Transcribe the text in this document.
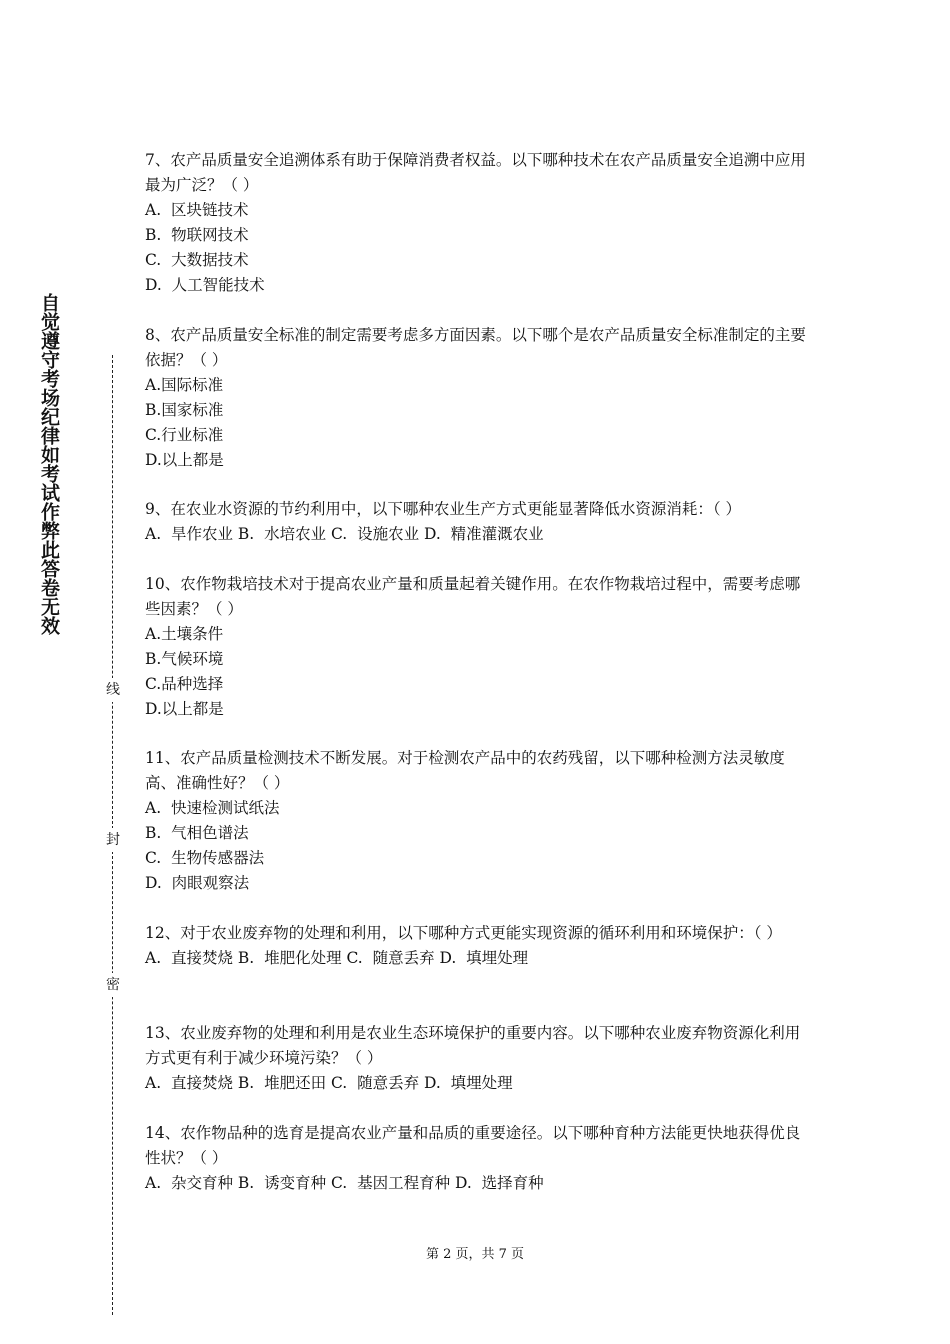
自觉遵守考场纪律如考试作弊此答卷无效
线
封
密
7、农产品质量安全追溯体系有助于保障消费者权益。以下哪种技术在农产品质量安全追溯中应用最为广泛？（ ）
A.  区块链技术
B.  物联网技术
C.  大数据技术
D.  人工智能技术
8、农产品质量安全标准的制定需要考虑多方面因素。以下哪个是农产品质量安全标准制定的主要依据？（ ）
A.国际标准
B.国家标准
C.行业标准
D.以上都是
9、在农业水资源的节约利用中，以下哪种农业生产方式更能显著降低水资源消耗：（ ）
A.  旱作农业 B.  水培农业 C.  设施农业 D.  精准灌溉农业
10、农作物栽培技术对于提高农业产量和质量起着关键作用。在农作物栽培过程中，需要考虑哪些因素？（ ）
A.土壤条件
B.气候环境
C.品种选择
D.以上都是
11、农产品质量检测技术不断发展。对于检测农产品中的农药残留，以下哪种检测方法灵敏度高、准确性好？（ ）
A.  快速检测试纸法
B.  气相色谱法
C.  生物传感器法
D.  肉眼观察法
12、对于农业废弃物的处理和利用，以下哪种方式更能实现资源的循环利用和环境保护：（ ）
A.  直接焚烧 B.  堆肥化处理 C.  随意丢弃 D.  填埋处理
13、农业废弃物的处理和利用是农业生态环境保护的重要内容。以下哪种农业废弃物资源化利用方式更有利于减少环境污染？（ ）
A.  直接焚烧 B.  堆肥还田 C.  随意丢弃 D.  填埋处理
14、农作物品种的选育是提高农业产量和品质的重要途径。以下哪种育种方法能更快地获得优良性状？（ ）
A.  杂交育种 B.  诱变育种 C.  基因工程育种 D.  选择育种
第 2 页，共 7 页
